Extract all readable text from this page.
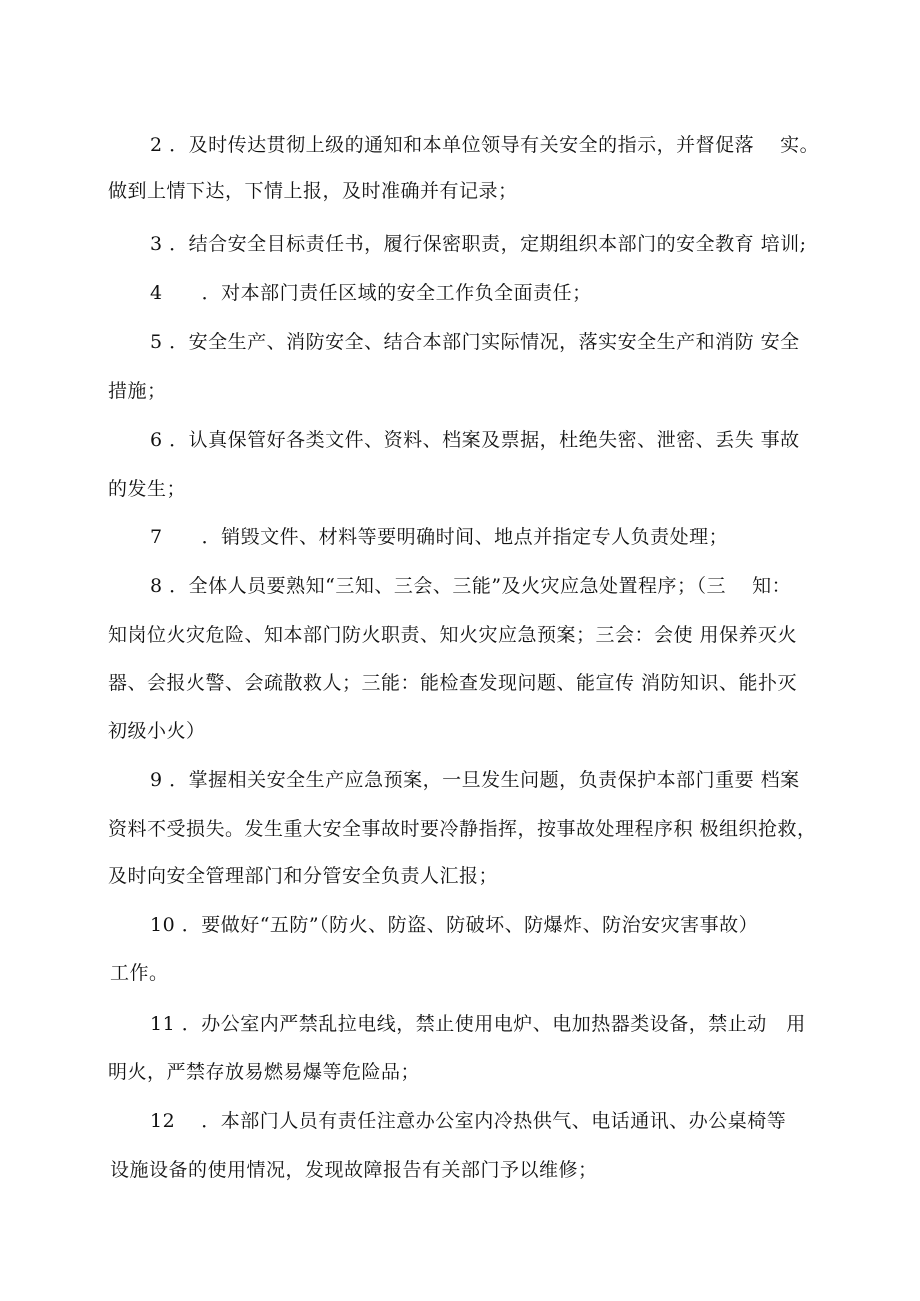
2 ．及时传达贯彻上级的通知和本单位领导有关安全的指示，并督促落　 实。
做到上情下达，下情上报，及时准确并有记录；
3 ．结合安全目标责任书，履行保密职责，定期组织本部门的安全教育 培训;
4　　．对本部门责任区域的安全工作负全面责任；
5 ．安全生产、消防安全、结合本部门实际情况，落实安全生产和消防 安全
措施；
6 ．认真保管好各类文件、资料、档案及票据，杜绝失密、泄密、丢失 事故
的发生；
7　　．销毁文件、材料等要明确时间、地点并指定专人负责处理；
8 ．全体人员要熟知“三知、三会、三能”及火灾应急处置程序；（三　 知：
知岗位火灾危险、知本部门防火职责、知火灾应急预案；三会：会使 用保养灭火
器、会报火警、会疏散救人；三能：能检查发现问题、能宣传 消防知识、能扑灭
初级小火）
9 ．掌握相关安全生产应急预案，一旦发生问题，负责保护本部门重要 档案
资料不受损失。发生重大安全事故时要冷静指挥，按事故处理程序积 极组织抢救，
及时向安全管理部门和分管安全负责人汇报；
10 ．要做好“五防”（防火、防盗、防破坏、防爆炸、防治安灾害事故）
工作。
11 ．办公室内严禁乱拉电线，禁止使用电炉、电加热器类设备，禁止动　用
明火，严禁存放易燃易爆等危险品；
12　 ．本部门人员有责任注意办公室内冷热供气、电话通讯、办公桌椅等
设施设备的使用情况，发现故障报告有关部门予以维修；
